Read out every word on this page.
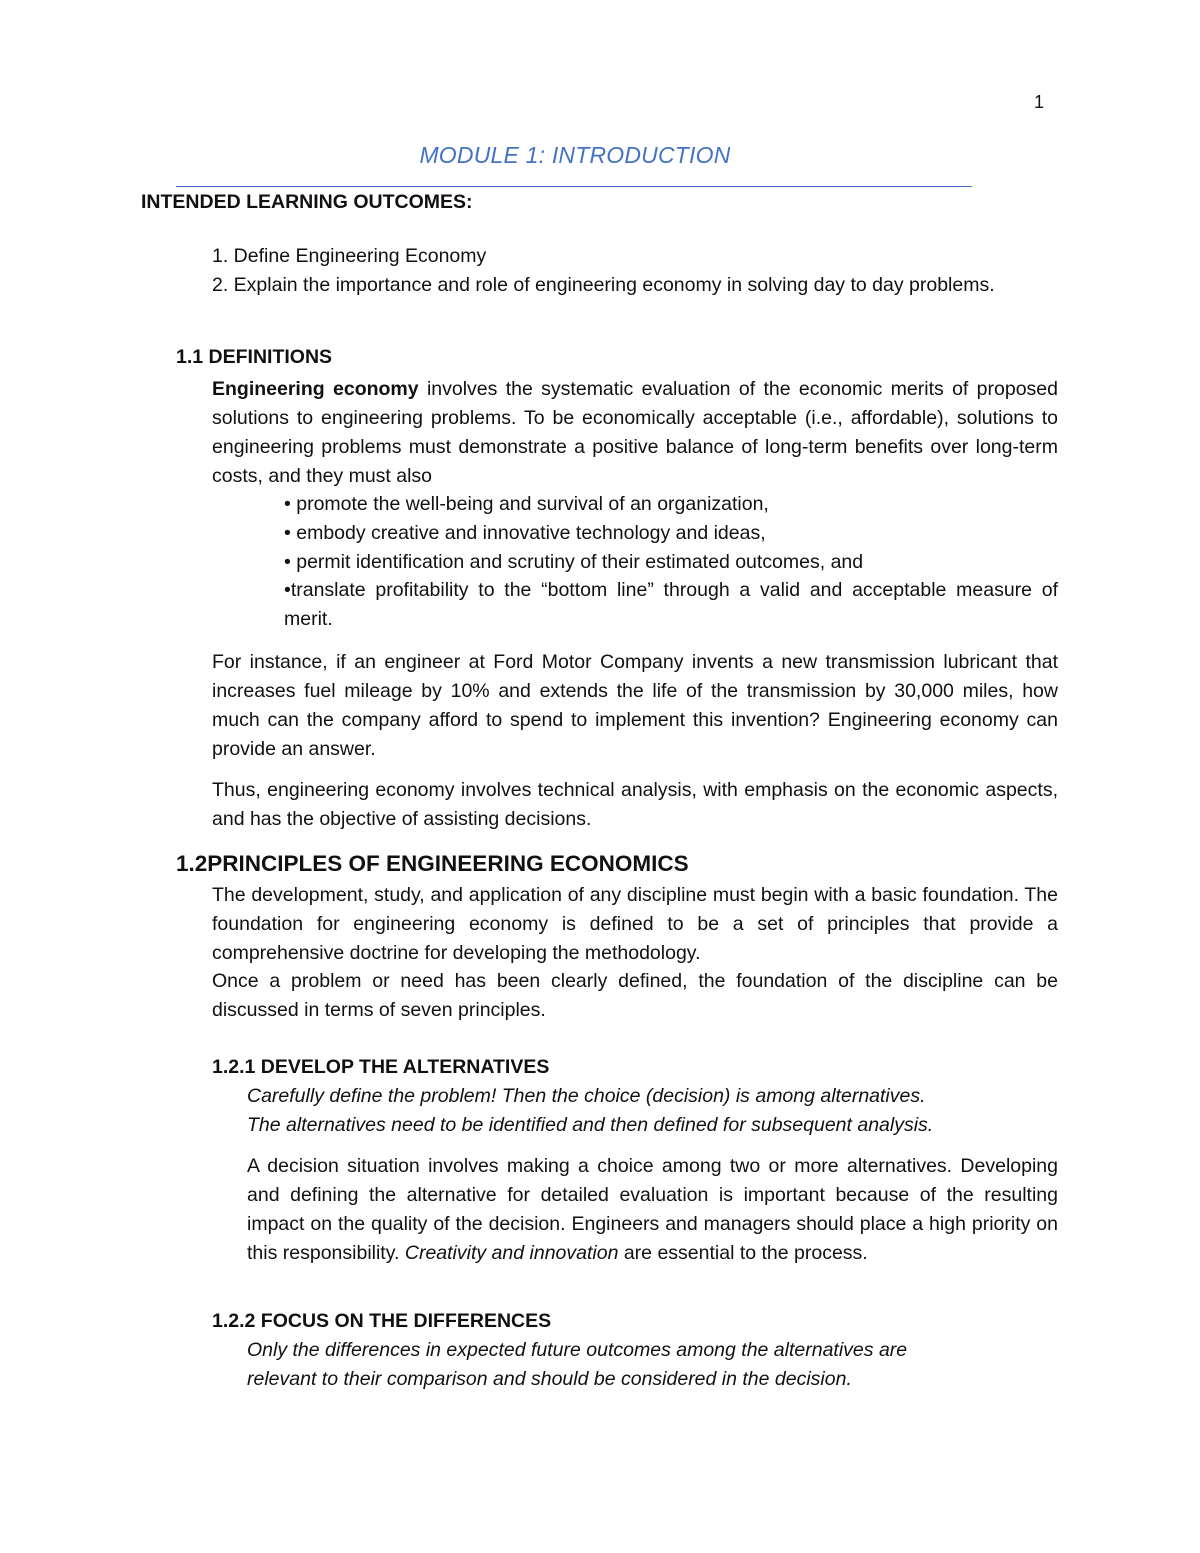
1
MODULE 1: INTRODUCTION
INTENDED LEARNING OUTCOMES:
1. Define Engineering Economy
2. Explain the importance and role of engineering economy in solving day to day problems.
1.1 DEFINITIONS

Engineering economy involves the systematic evaluation of the economic merits of proposed solutions to engineering problems. To be economically acceptable (i.e., affordable), solutions to engineering problems must demonstrate a positive balance of long-term benefits over long-term costs, and they must also

• promote the well-being and survival of an organization,
• embody creative and innovative technology and ideas,
• permit identification and scrutiny of their estimated outcomes, and

•translate profitability to the “bottom line” through a valid and acceptable measure of merit.

For instance, if an engineer at Ford Motor Company invents a new transmission lubricant that increases fuel mileage by 10% and extends the life of the transmission by 30,000 miles, how much can the company afford to spend to implement this invention? Engineering economy can provide an answer.

Thus, engineering economy involves technical analysis, with emphasis on the economic aspects, and has the objective of assisting decisions.

1.2PRINCIPLES OF ENGINEERING ECONOMICS

The development, study, and application of any discipline must begin with a basic foundation. The foundation for engineering economy is defined to be a set of principles that provide a comprehensive doctrine for developing the methodology.

Once a problem or need has been clearly defined, the foundation of the discipline can be discussed in terms of seven principles.

1.2.1 DEVELOP THE ALTERNATIVES
Carefully define the problem! Then the choice (decision) is among alternatives.
The alternatives need to be identified and then defined for subsequent analysis.

A decision situation involves making a choice among two or more alternatives. Developing and defining the alternative for detailed evaluation is important because of the resulting impact on the quality of the decision. Engineers and managers should place a high priority on this responsibility. Creativity and innovation are essential to the process.

1.2.2 FOCUS ON THE DIFFERENCES
Only the differences in expected future outcomes among the alternatives are
relevant to their comparison and should be considered in the decision.
